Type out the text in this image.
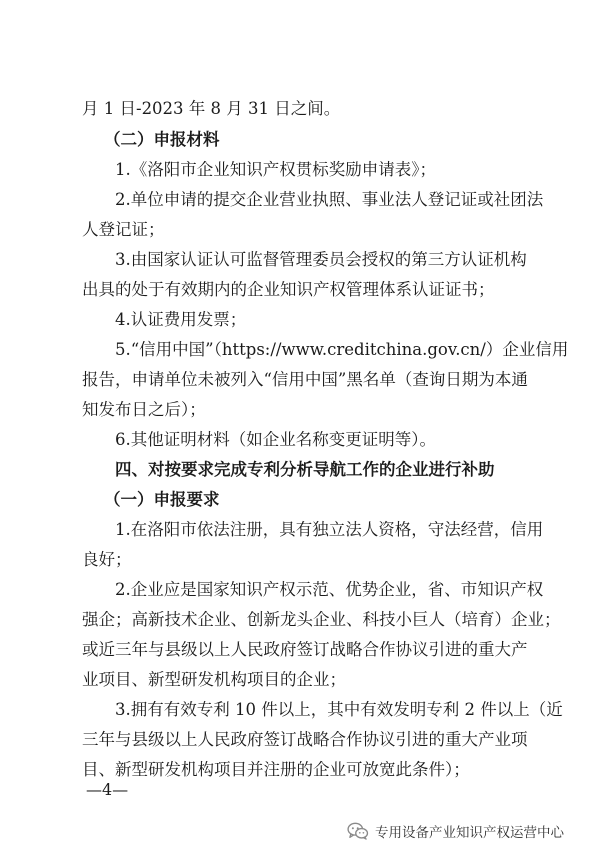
月 1 日-2023 年 8 月 31 日之间。
（二）申报材料
1.《洛阳市企业知识产权贯标奖励申请表》；
2.单位申请的提交企业营业执照、事业法人登记证或社团法
人登记证；
3.由国家认证认可监督管理委员会授权的第三方认证机构
出具的处于有效期内的企业知识产权管理体系认证证书；
4.认证费用发票；
5.“信用中国”（https://www.creditchina.gov.cn/）企业信用
报告，申请单位未被列入“信用中国”黑名单（查询日期为本通
知发布日之后）；
6.其他证明材料（如企业名称变更证明等）。
四、对按要求完成专利分析导航工作的企业进行补助
（一）申报要求
1.在洛阳市依法注册，具有独立法人资格，守法经营，信用
良好；
2.企业应是国家知识产权示范、优势企业，省、市知识产权
强企；高新技术企业、创新龙头企业、科技小巨人（培育）企业；
或近三年与县级以上人民政府签订战略合作协议引进的重大产
业项目、新型研发机构项目的企业；
3.拥有有效专利 10 件以上，其中有效发明专利 2 件以上（近
三年与县级以上人民政府签订战略合作协议引进的重大产业项
目、新型研发机构项目并注册的企业可放宽此条件）；
—4—
专用设备产业知识产权运营中心
